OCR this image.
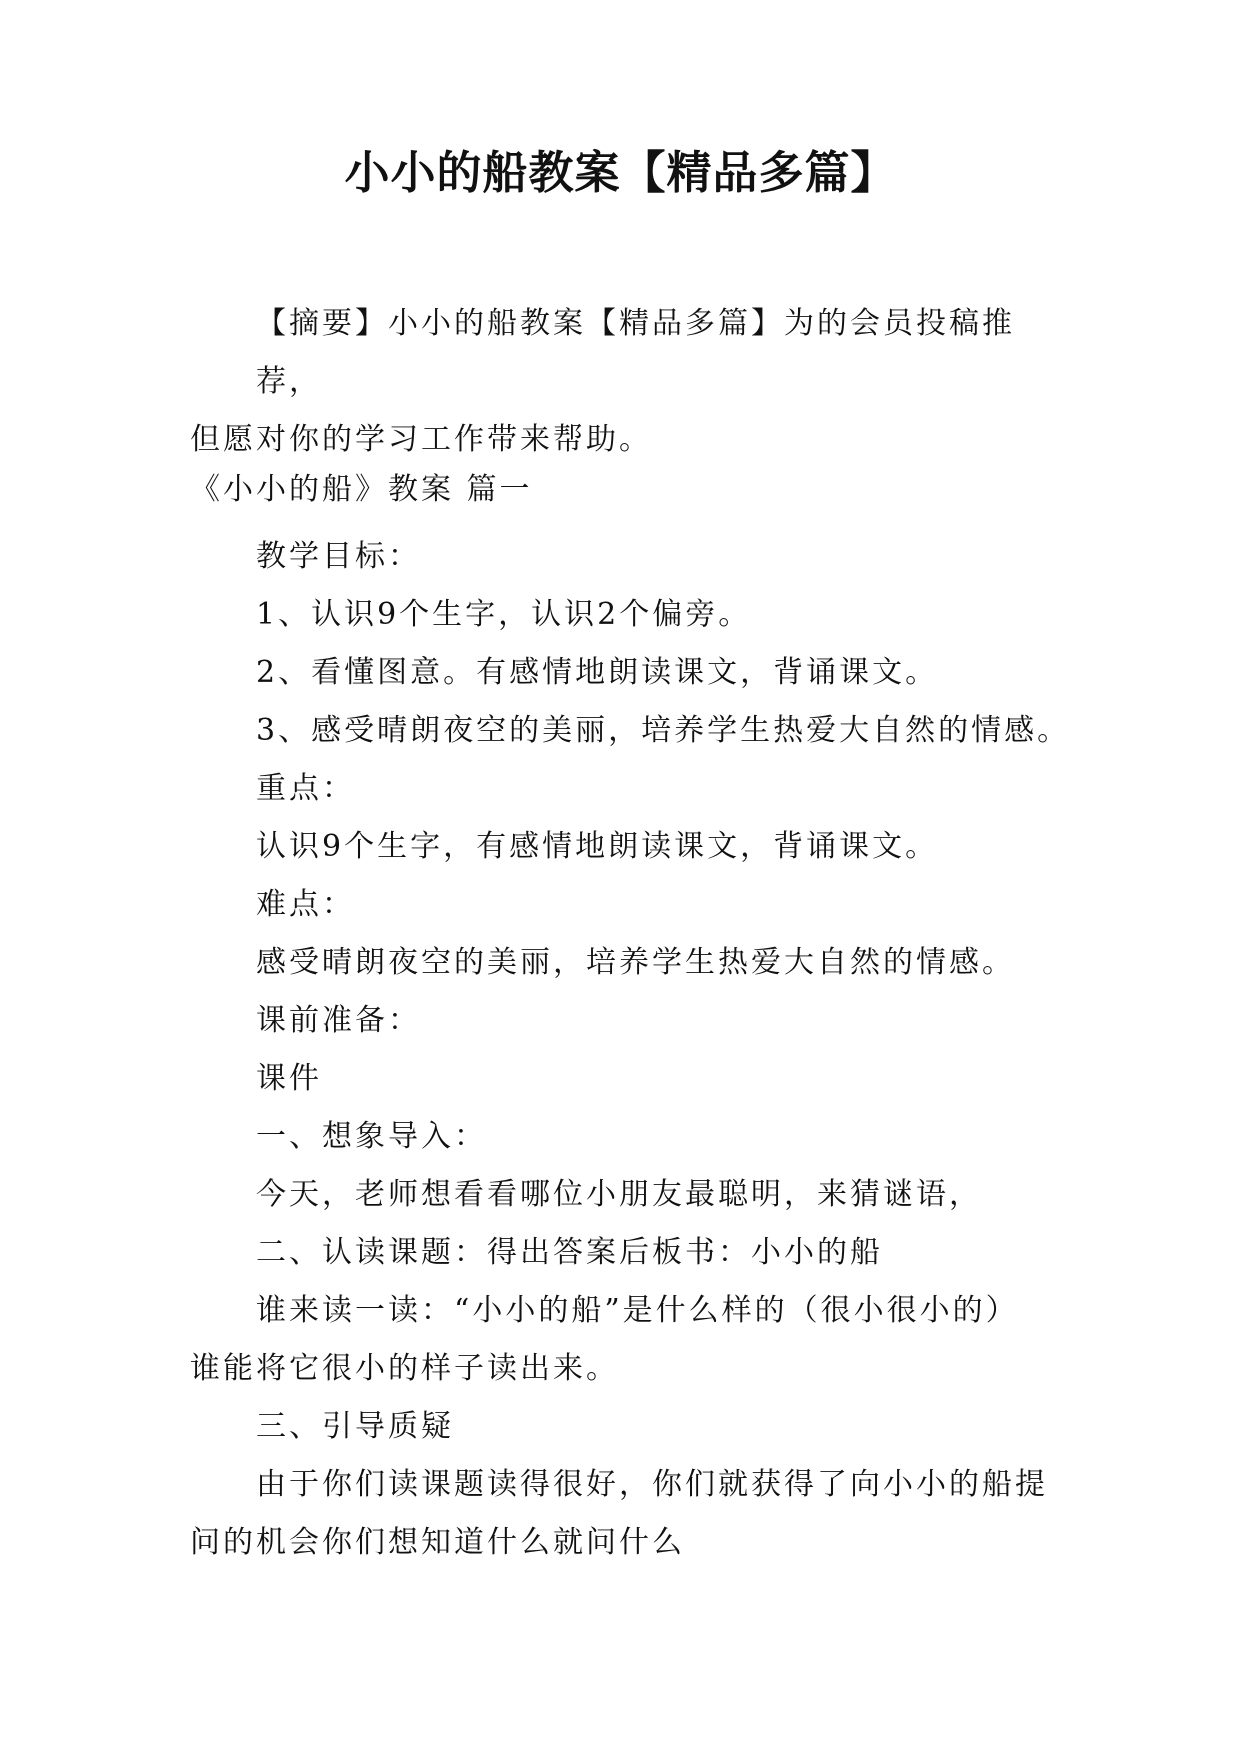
小小的船教案【精品多篇】
【摘要】小小的船教案【精品多篇】为的会员投稿推荐，
但愿对你的学习工作带来帮助。
《小小的船》教案 篇一
教学目标：
1、认识9个生字，认识2个偏旁。
2、看懂图意。有感情地朗读课文，背诵课文。
3、感受晴朗夜空的美丽，培养学生热爱大自然的情感。
重点：
认识9个生字，有感情地朗读课文，背诵课文。
难点：
感受晴朗夜空的美丽，培养学生热爱大自然的情感。
课前准备：
课件
一、想象导入：
今天，老师想看看哪位小朋友最聪明，来猜谜语，
二、认读课题：得出答案后板书：小小的船
谁来读一读：“小小的船”是什么样的（很小很小的）
谁能将它很小的样子读出来。
三、引导质疑
由于你们读课题读得很好，你们就获得了向小小的船提
问的机会你们想知道什么就问什么
